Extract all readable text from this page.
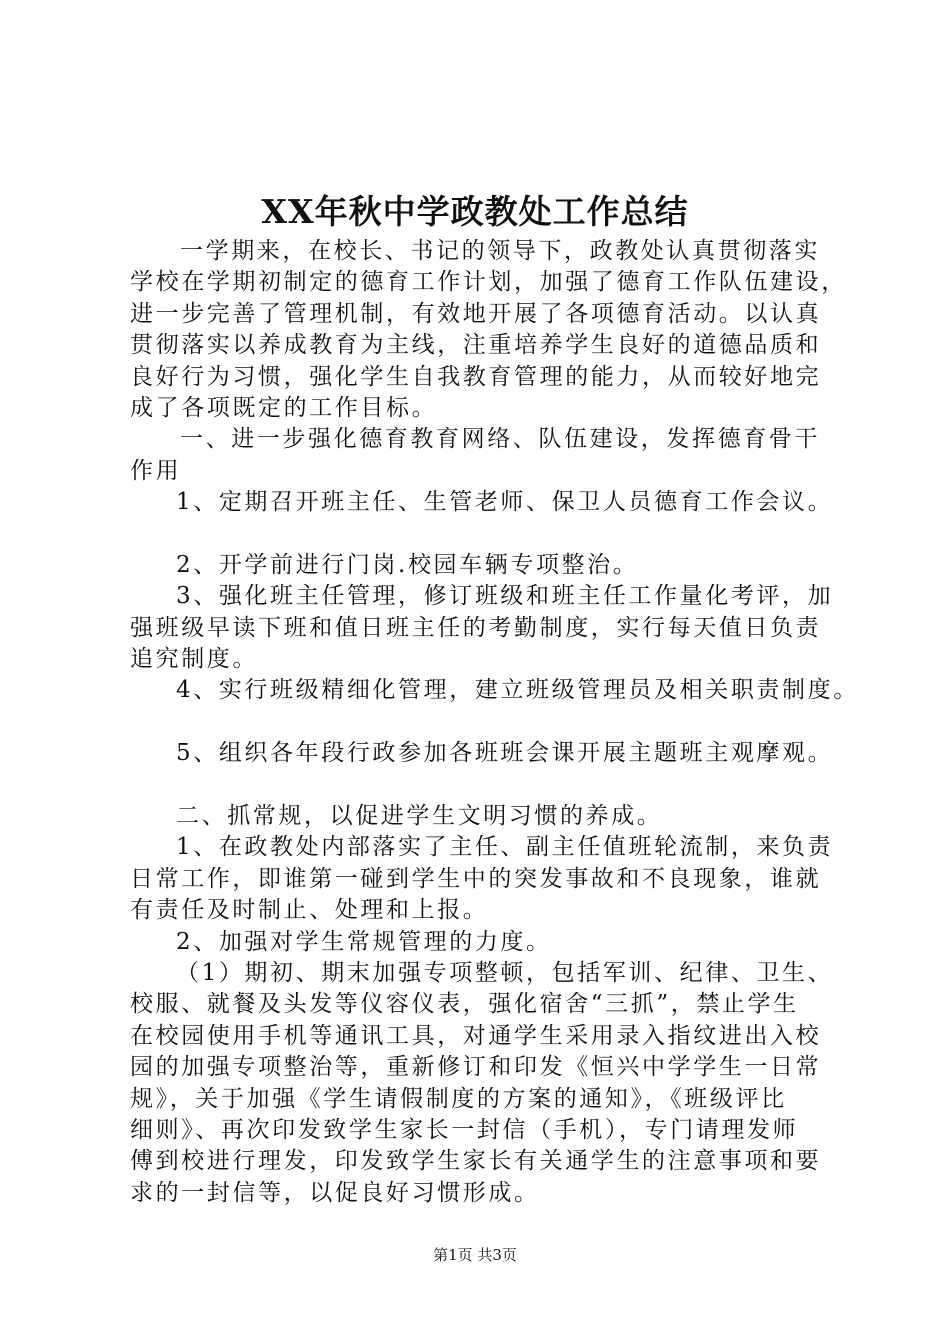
XX年秋中学政教处工作总结
一学期来，在校长、书记的领导下，政教处认真贯彻落实
学校在学期初制定的德育工作计划，加强了德育工作队伍建设，
进一步完善了管理机制，有效地开展了各项德育活动。以认真
贯彻落实以养成教育为主线，注重培养学生良好的道德品质和
良好行为习惯，强化学生自我教育管理的能力，从而较好地完
成了各项既定的工作目标。
一、进一步强化德育教育网络、队伍建设，发挥德育骨干
作用
1、定期召开班主任、生管老师、保卫人员德育工作会议。
2、开学前进行门岗.校园车辆专项整治。
3、强化班主任管理，修订班级和班主任工作量化考评，加
强班级早读下班和值日班主任的考勤制度，实行每天值日负责
追究制度。
4、实行班级精细化管理，建立班级管理员及相关职责制度。
5、组织各年段行政参加各班班会课开展主题班主观摩观。
二、抓常规，以促进学生文明习惯的养成。
1、在政教处内部落实了主任、副主任值班轮流制，来负责
日常工作，即谁第一碰到学生中的突发事故和不良现象，谁就
有责任及时制止、处理和上报。
2、加强对学生常规管理的力度。
（1）期初、期末加强专项整顿，包括军训、纪律、卫生、
校服、就餐及头发等仪容仪表，强化宿舍“三抓”，禁止学生
在校园使用手机等通讯工具，对通学生采用录入指纹进出入校
园的加强专项整治等，重新修订和印发《恒兴中学学生一日常
规》，关于加强《学生请假制度的方案的通知》，《班级评比
细则》、再次印发致学生家长一封信（手机），专门请理发师
傅到校进行理发，印发致学生家长有关通学生的注意事项和要
求的一封信等，以促良好习惯形成。
第1页 共3页
